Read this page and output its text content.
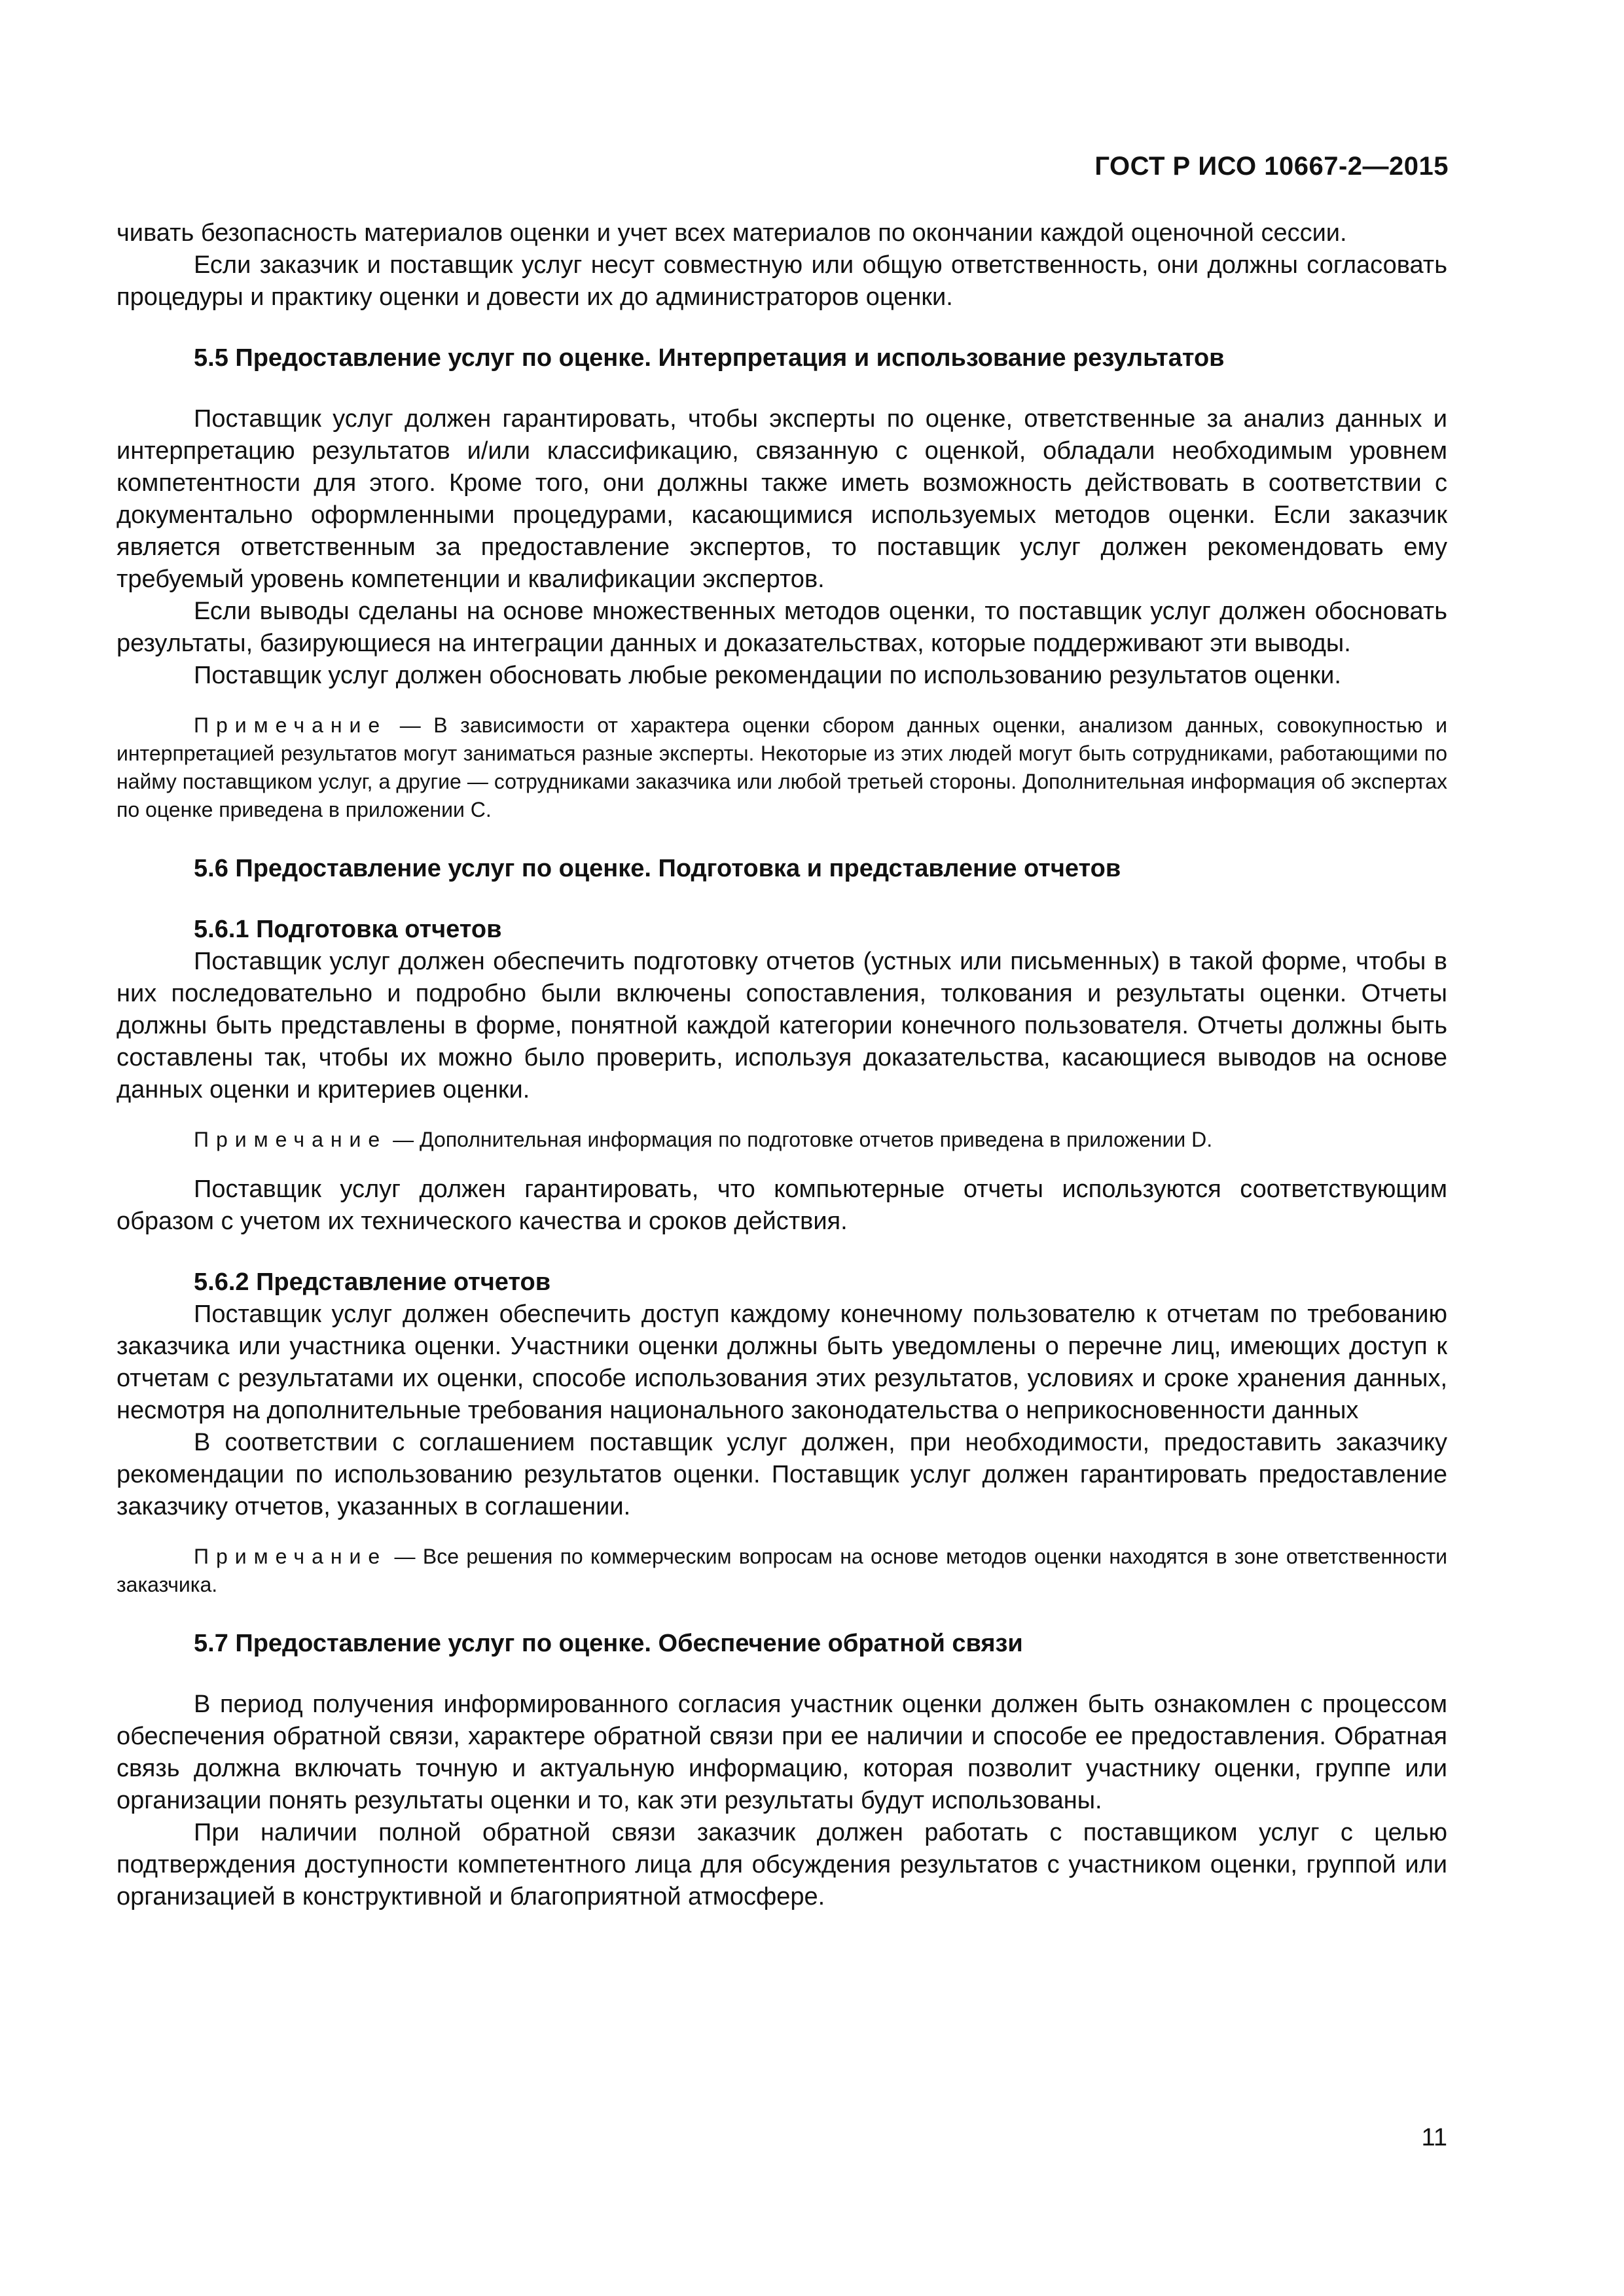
ГОСТ Р ИСО 10667-2—2015

чивать безопасность материалов оценки и учет всех материалов по окончании каждой оценочной сессии.

Если заказчик и поставщик услуг несут совместную или общую ответственность, они должны согласовать процедуры и практику оценки и довести их до администраторов оценки.

5.5 Предоставление услуг по оценке. Интерпретация и использование результатов

Поставщик услуг должен гарантировать, чтобы эксперты по оценке, ответственные за анализ данных и интерпретацию результатов и/или классификацию, связанную с оценкой, обладали необходимым уровнем компетентности для этого. Кроме того, они должны также иметь возможность действовать в соответствии с документально оформленными процедурами, касающимися используемых методов оценки. Если заказчик является ответственным за предоставление экспертов, то поставщик услуг должен рекомендовать ему требуемый уровень компетенции и квалификации экспертов.

Если выводы сделаны на основе множественных методов оценки, то поставщик услуг должен обосновать результаты, базирующиеся на интеграции данных и доказательствах, которые поддерживают эти выводы.

Поставщик услуг должен обосновать любые рекомендации по использованию результатов оценки.

Примечание — В зависимости от характера оценки сбором данных оценки, анализом данных, совокупностью и интерпретацией результатов могут заниматься разные эксперты. Некоторые из этих людей могут быть сотрудниками, работающими по найму поставщиком услуг, а другие — сотрудниками заказчика или любой третьей стороны. Дополнительная информация об экспертах по оценке приведена в приложении С.

5.6 Предоставление услуг по оценке. Подготовка и представление отчетов

5.6.1 Подготовка отчетов

Поставщик услуг должен обеспечить подготовку отчетов (устных или письменных) в такой форме, чтобы в них последовательно и подробно были включены сопоставления, толкования и результаты оценки. Отчеты должны быть представлены в форме, понятной каждой категории конечного пользователя. Отчеты должны быть составлены так, чтобы их можно было проверить, используя доказательства, касающиеся выводов на основе данных оценки и критериев оценки.

Примечание — Дополнительная информация по подготовке отчетов приведена в приложении D.

Поставщик услуг должен гарантировать, что компьютерные отчеты используются соответствующим образом с учетом их технического качества и сроков действия.

5.6.2 Представление отчетов

Поставщик услуг должен обеспечить доступ каждому конечному пользователю к отчетам по требованию заказчика или участника оценки. Участники оценки должны быть уведомлены о перечне лиц, имеющих доступ к отчетам с результатами их оценки, способе использования этих результатов, условиях и сроке хранения данных, несмотря на дополнительные требования национального законодательства о неприкосновенности данных

В соответствии с соглашением поставщик услуг должен, при необходимости, предоставить заказчику рекомендации по использованию результатов оценки. Поставщик услуг должен гарантировать предоставление заказчику отчетов, указанных в соглашении.

Примечание — Все решения по коммерческим вопросам на основе методов оценки находятся в зоне ответственности заказчика.

5.7 Предоставление услуг по оценке. Обеспечение обратной связи

В период получения информированного согласия участник оценки должен быть ознакомлен с процессом обеспечения обратной связи, характере обратной связи при ее наличии и способе ее предоставления. Обратная связь должна включать точную и актуальную информацию, которая позволит участнику оценки, группе или организации понять результаты оценки и то, как эти результаты будут использованы.

При наличии полной обратной связи заказчик должен работать с поставщиком услуг с целью подтверждения доступности компетентного лица для обсуждения результатов с участником оценки, группой или организацией в конструктивной и благоприятной атмосфере.

11
